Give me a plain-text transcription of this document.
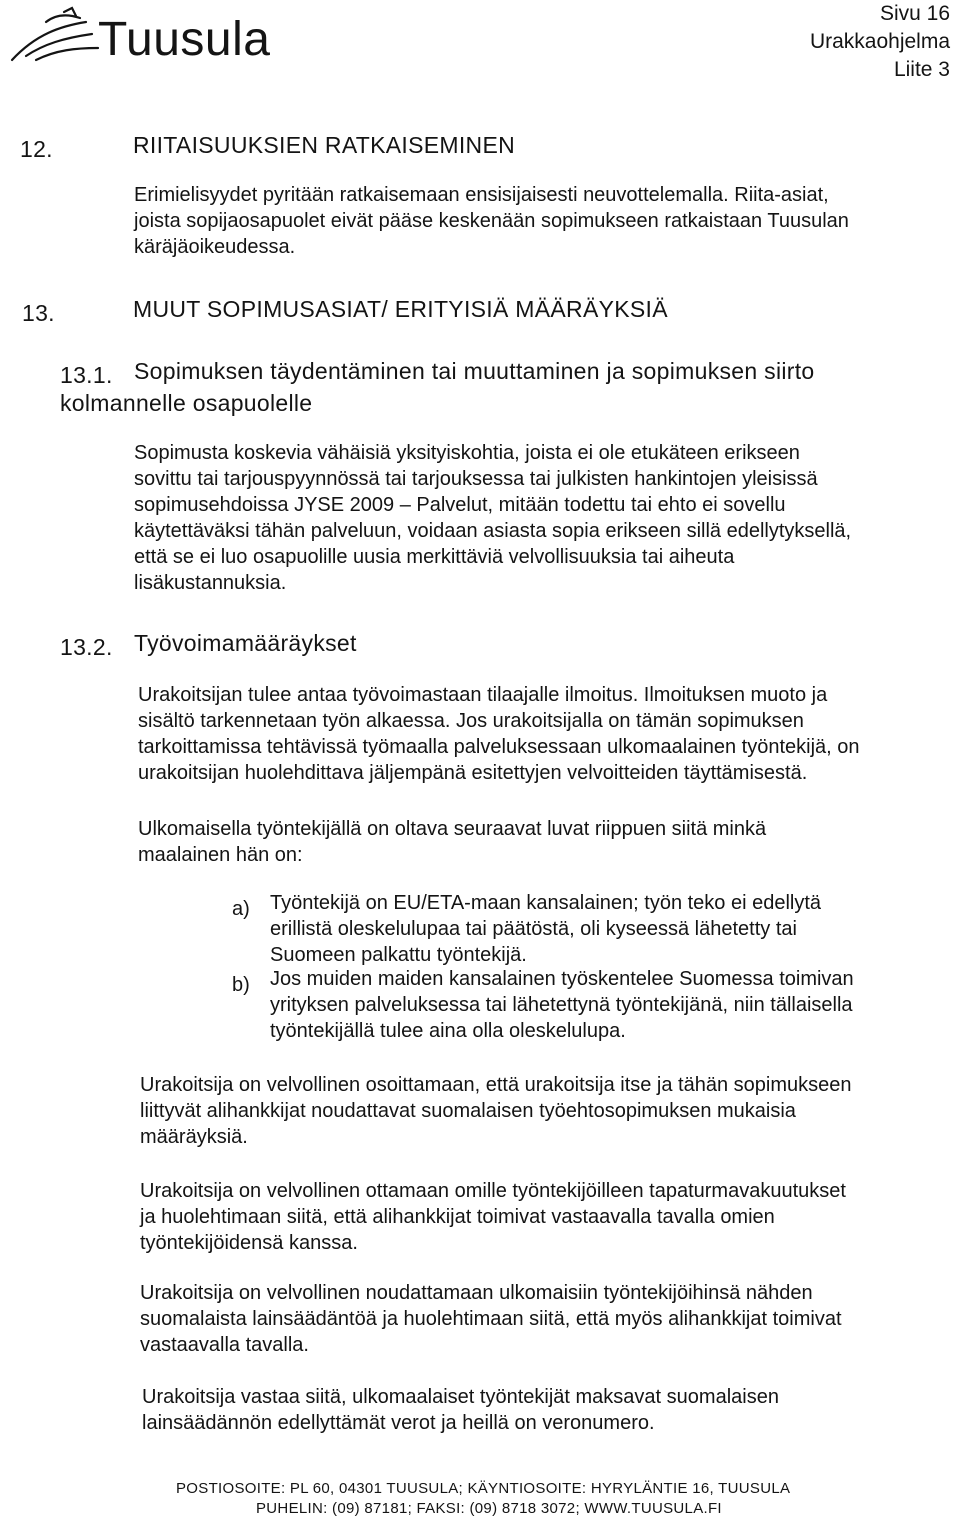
Tuusula	Sivu 16
Urakkaohjelma
Liite 3
12.	RIITAISUUKSIEN RATKAISEMINEN
Erimielisyydet pyritään ratkaisemaan ensisijaisesti neuvottelemalla. Riita-asiat,
joista sopijaosapuolet eivät pääse keskenään sopimukseen ratkaistaan Tuusulan
käräjäoikeudessa.
13.	MUUT SOPIMUSASIAT/ ERITYISIÄ MÄÄRÄYKSIÄ
13.1. Sopimuksen täydentäminen tai muuttaminen ja sopimuksen siirto
kolmannelle osapuolelle
Sopimusta koskevia vähäisiä yksityiskohtia, joista ei ole etukäteen erikseen
sovittu tai tarjouspyynnössä tai tarjouksessa tai julkisten hankintojen yleisissä
sopimusehdoissa JYSE 2009 – Palvelut, mitään todettu tai ehto ei sovellu
käytettäväksi tähän palveluun, voidaan asiasta sopia erikseen sillä edellytyksellä,
että se ei luo osapuolille uusia merkittäviä velvollisuuksia tai aiheuta
lisäkustannuksia.
13.2. Työvoimamääräykset
Urakoitsijan tulee antaa työvoimastaan tilaajalle ilmoitus. Ilmoituksen muoto ja
sisältö tarkennetaan työn alkaessa. Jos urakoitsijalla on tämän sopimuksen
tarkoittamissa tehtävissä työmaalla palveluksessaan ulkomaalainen työntekijä, on
urakoitsijan huolehdittava jäljempänä esitettyjen velvoitteiden täyttämisestä.
Ulkomaisella työntekijällä on oltava seuraavat luvat riippuen siitä minkä
maalainen hän on:
a) Työntekijä on EU/ETA-maan kansalainen; työn teko ei edellytä
erillistä oleskelulupaa tai päätöstä, oli kyseessä lähetetty tai
Suomeen palkattu työntekijä.
b) Jos muiden maiden kansalainen työskentelee Suomessa toimivan
yrityksen palveluksessa tai lähetettynä työntekijänä, niin tällaisella
työntekijällä tulee aina olla oleskelulupa.
Urakoitsija on velvollinen osoittamaan, että urakoitsija itse ja tähän sopimukseen
liittyvät alihankkijat noudattavat suomalaisen työehtosopimuksen mukaisia
määräyksiä.
Urakoitsija on velvollinen ottamaan omille työntekijöilleen tapaturmavakuutukset
ja huolehtimaan siitä, että alihankkijat toimivat vastaavalla tavalla omien
työntekijöidensä kanssa.
Urakoitsija on velvollinen noudattamaan ulkomaisiin työntekijöihinsä nähden
suomalaista lainsäädäntöä ja huolehtimaan siitä, että myös alihankkijat toimivat
vastaavalla tavalla.
Urakoitsija vastaa siitä, ulkomaalaiset työntekijät maksavat suomalaisen
lainsäädännön edellyttämät verot ja heillä on veronumero.
POSTIOSOITE: PL 60, 04301 TUUSULA; KÄYNTIOSOITE: HYRYLÄNTIE 16, TUUSULA
PUHELIN: (09) 87181; FAKSI: (09) 8718 3072; WWW.TUUSULA.FI
